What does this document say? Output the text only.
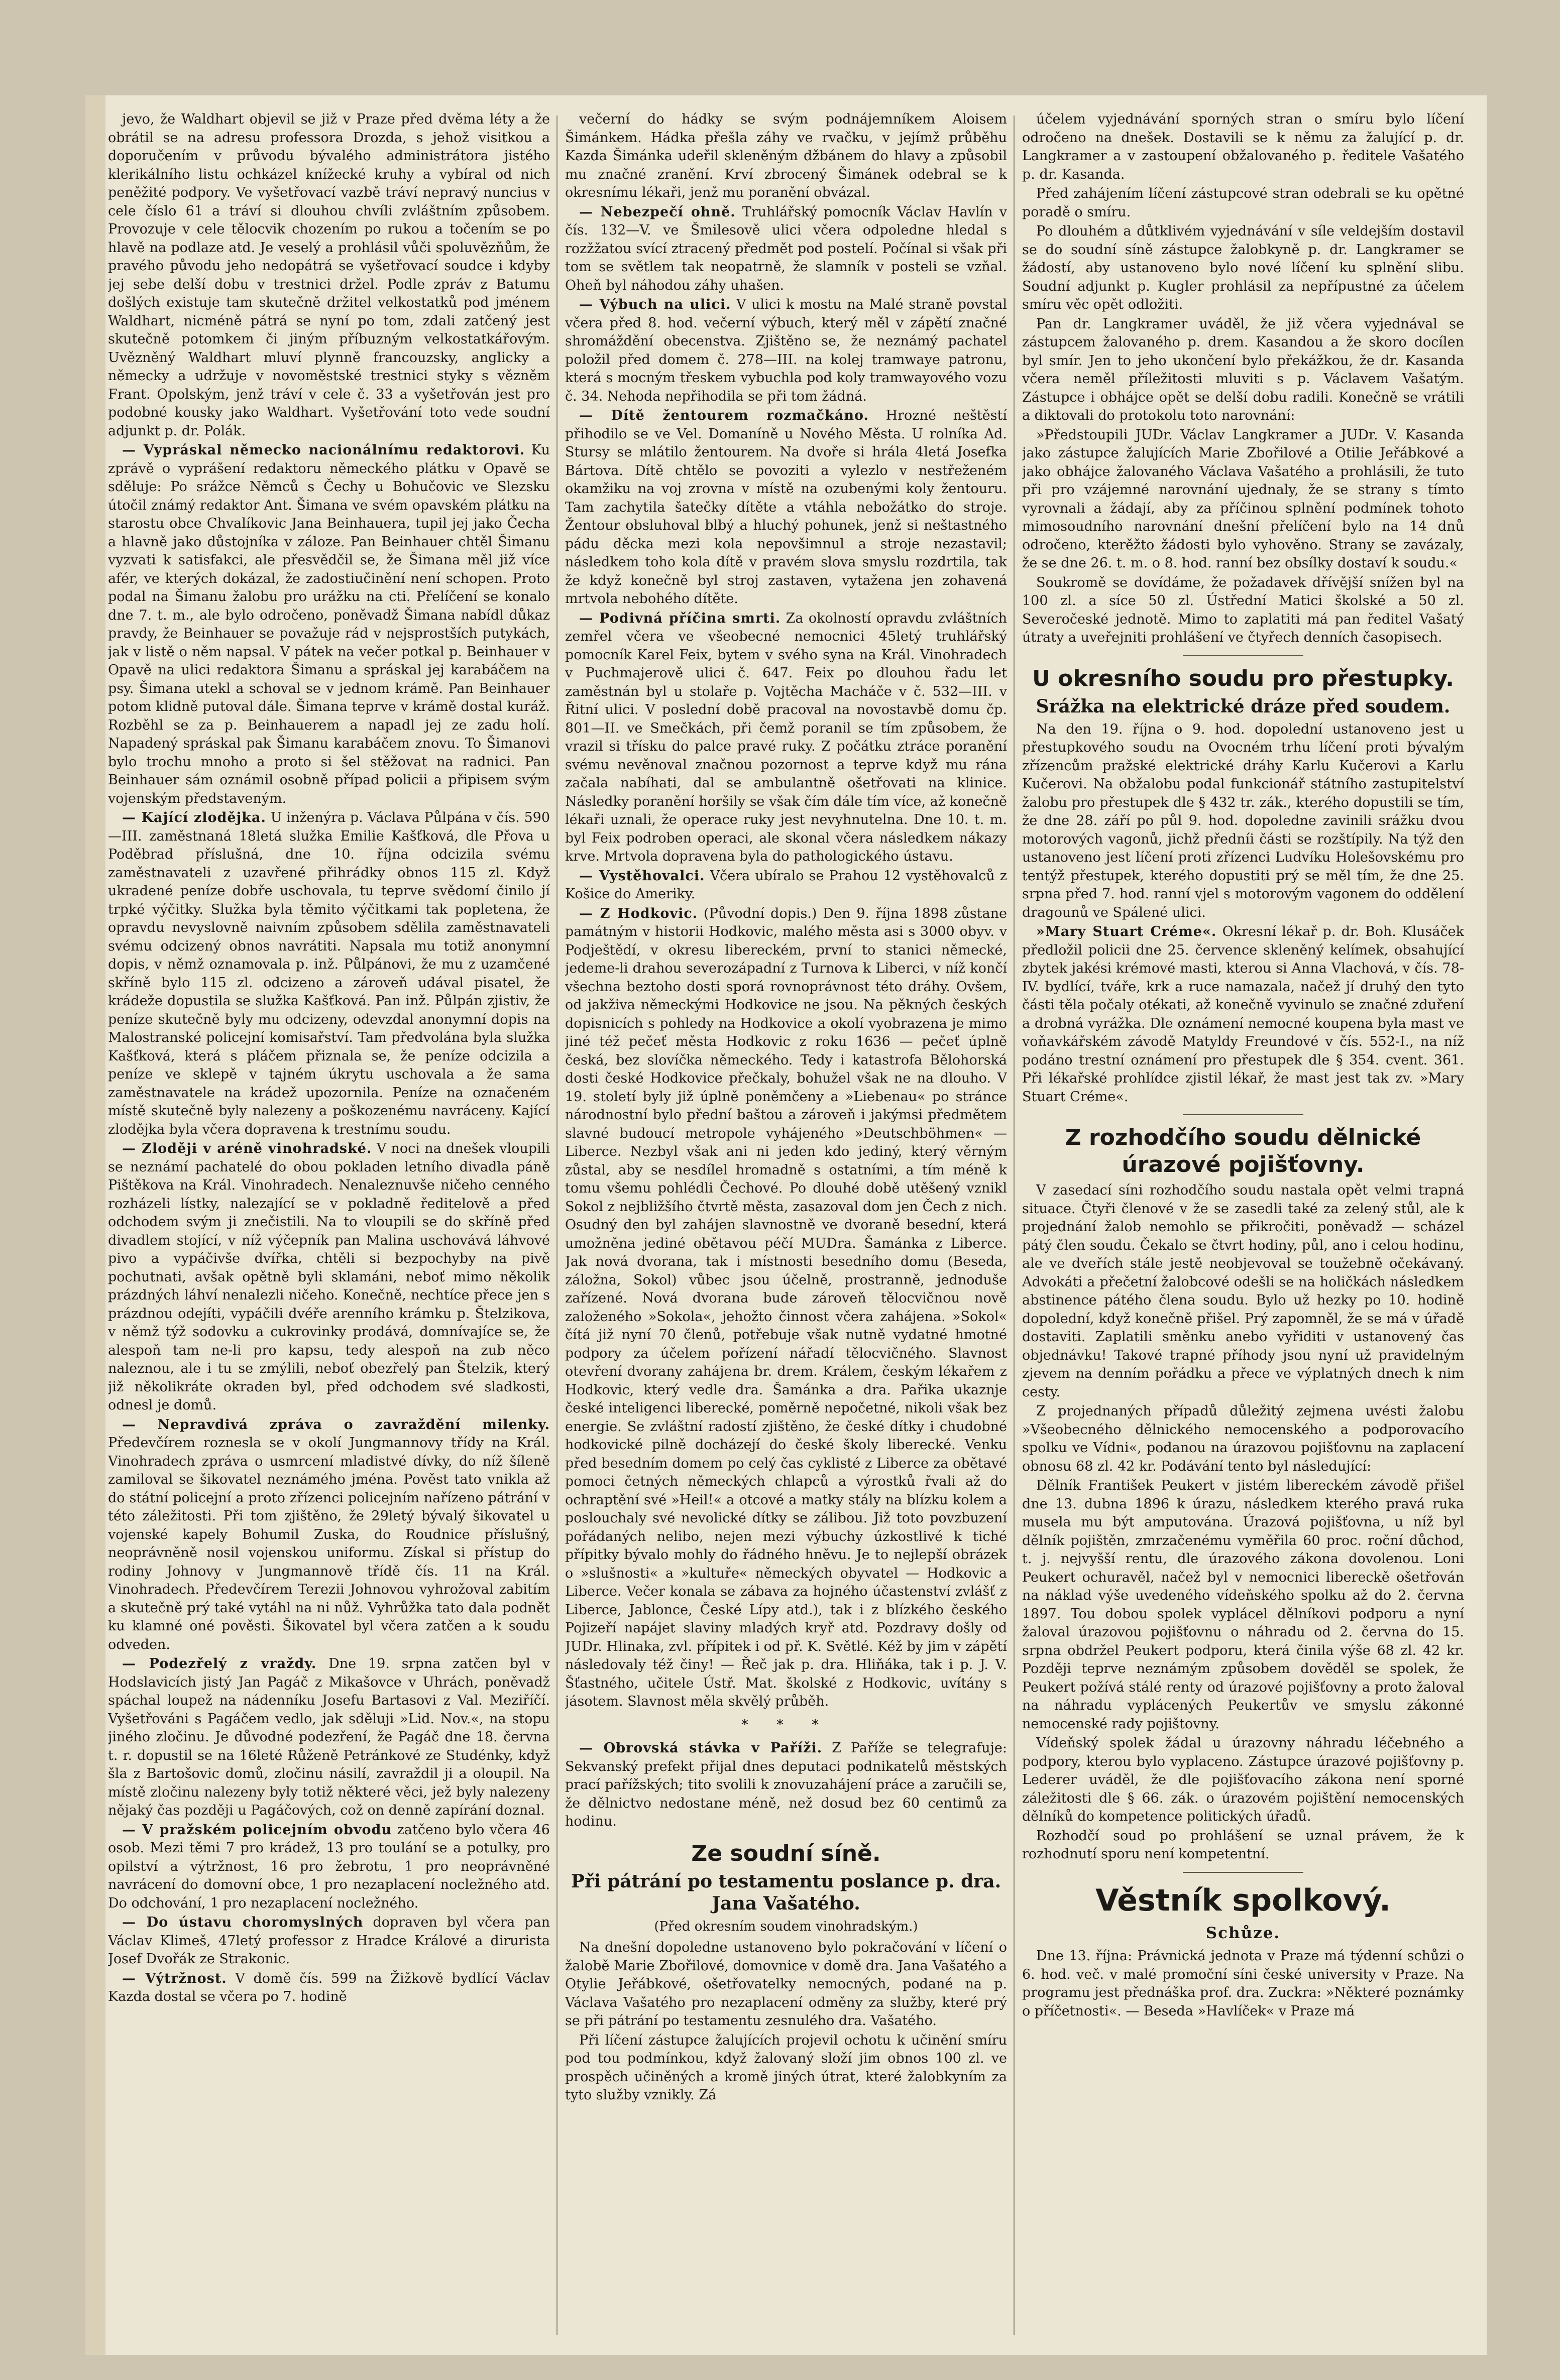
jevo, že Waldhart objevil se již v Praze před dvěma léty a že obrátil se na adresu professora Drozda, s jehož visitkou a doporučením v průvodu bývalého administrátora jistého klerikálního listu ochkázel knížecké kruhy a vybíral od nich peněžité podpory. Ve vyšetřovací vazbě tráví nepravý nuncius v cele číslo 61 a tráví si dlouhou chvíli zvláštním způsobem. Provozuje v cele tělocvik chozením po rukou a točením se po hlavě na podlaze atd. Je veselý a prohlásil vůči spoluvězňům, že pravého původu jeho nedopátrá se vyšetřovací soudce i kdyby jej sebe delší dobu v trestnici držel. Podle zpráv z Batumu došlých existuje tam skutečně držitel velkostatků pod jménem Waldhart, nicméně pátrá se nyní po tom, zdali zatčený jest skutečně potomkem či jiným příbuzným velkostatkářovým. Uvězněný Waldhart mluví plynně francouzsky, anglicky a německy a udržuje v novoměstské trestnici styky s vězněm Frant. Opolským, jenž tráví v cele č. 33 a vyšetřován jest pro podobné kousky jako Waldhart. Vyšetřování toto vede soudní adjunkt p. dr. Polák.

— Vypráskal německo nacionálnímu redaktorovi. Ku zprávě o vyprášení redaktoru německého plátku v Opavě se sděluje: Po srážce Němců s Čechy u Bohučovic ve Slezsku útočil známý redaktor Ant. Šimana ve svém opavském plátku na starostu obce Chvalíkovic Jana Beinhauera, tupil jej jako Čecha a hlavně jako důstojníka v záloze. Pan Beinhauer chtěl Šimanu vyzvati k satisfakci, ale přesvědčil se, že Šimana měl již více afér, ve kterých dokázal, že zadostiučinění není schopen. Proto podal na Šimanu žalobu pro urážku na cti. Přelíčení se konalo dne 7. t. m., ale bylo odročeno, poněvadž Šimana nabídl důkaz pravdy, že Beinhauer se považuje rád v nejsprostších putykách, jak v listě o něm napsal. V pátek na večer potkal p. Beinhauer v Opavě na ulici redaktora Šimanu a spráskal jej karabáčem na psy. Šimana utekl a schoval se v jednom krámě. Pan Beinhauer potom klidně putoval dále. Šimana teprve v krámě dostal kuráž. Rozběhl se za p. Beinhauerem a napadl jej ze zadu holí. Napadený spráskal pak Šimanu karabáčem znovu. To Šimanovi bylo trochu mnoho a proto si šel stěžovat na radnici. Pan Beinhauer sám oznámil osobně případ policii a připisem svým vojenským představeným.

— Kající zlodějka. U inženýra p. Václava Půlpána v čís. 590—III. zaměstnaná 18letá služka Emilie Kašťková, dle Přova u Poděbrad příslušná, dne 10. října odcizila svému zaměstnavateli z uzavřené přihrádky obnos 115 zl. Když ukradené peníze dobře uschovala, tu teprve svědomí činilo jí trpké výčitky. Služka byla těmito výčitkami tak popletena, že opravdu nevyslovně naivním způsobem sdělila zaměstnavateli svému odcizený obnos navrátiti. Napsala mu totiž anonymní dopis, v němž oznamovala p. inž. Půlpánovi, že mu z uzamčené skříně bylo 115 zl. odcizeno a zároveň udával pisatel, že krádeže dopustila se služka Kašťková. Pan inž. Půlpán zjistiv, že peníze skutečně byly mu odcizeny, odevzdal anonymní dopis na Malostranské policejní komisařství. Tam předvolána byla služka Kašťková, která s pláčem přiznala se, že peníze odcizila a peníze ve sklepě v tajném úkrytu uschovala a že sama zaměstnavatele na krádež upozornila. Peníze na označeném místě skutečně byly nalezeny a poškozenému navráceny. Kající zlodějka byla včera dopravena k trestnímu soudu.

— Zloději v aréně vinohradské. V noci na dnešek vloupili se neznámí pachatelé do obou pokladen letního divadla páně Pištěkova na Král. Vinohradech. Nenaleznuvše ničeho cenného rozházeli lístky, nalezající se v pokladně ředitelově a před odchodem svým ji znečistili. Na to vloupili se do skříně před divadlem stojící, v níž výčepník pan Malina uschovává láhvové pivo a vypáčivše dvířka, chtěli si bezpochyby na pivě pochutnati, avšak opětně byli sklamáni, neboť mimo několik prázdných láhví nenalezli ničeho. Konečně, nechtíce přece jen s prázdnou odejíti, vypáčili dvéře arenního krámku p. Štelzikova, v němž týž sodovku a cukrovinky prodává, domnívajíce se, že alespoň tam ne-li pro kapsu, tedy alespoň na zub něco naleznou, ale i tu se zmýlili, neboť obezřelý pan Štelzik, který již několikráte okraden byl, před odchodem své sladkosti, odnesl je domů.

— Nepravdivá zpráva o zavraždění milenky. Předevčírem roznesla se v okolí Jungmannovy třídy na Král. Vinohradech zpráva o usmrcení mladistvé dívky, do níž šíleně zamiloval se šikovatel neznámého jména. Pověst tato vnikla až do státní policejní a proto zřízenci policejním nařízeno pátrání v této záležitosti. Při tom zjištěno, že 29letý bývalý šikovatel u vojenské kapely Bohumil Zuska, do Roudnice příslušný, neoprávněně nosil vojenskou uniformu. Získal si přístup do rodiny Johnovy v Jungmannově třídě čís. 11 na Král. Vinohradech. Předevčírem Terezii Johnovou vyhrožoval zabitím a skutečně prý také vytáhl na ni nůž. Vyhrůžka tato dala podnět ku klamné oné pověsti. Šikovatel byl včera zatčen a k soudu odveden.

— Podezřelý z vraždy. Dne 19. srpna zatčen byl v Hodslavicích jistý Jan Pagáč z Mikašovce v Uhrách, poněvadž spáchal loupež na nádenníku Josefu Bartasovi z Val. Meziříčí. Vyšetřováni s Pagáčem vedlo, jak sděluji »Lid. Nov.«, na stopu jiného zločinu. Je důvodné podezření, že Pagáč dne 18. června t. r. dopustil se na 16leté Růženě Petránkové ze Studénky, když šla z Bartošovic domů, zločinu násilí, zavraždil ji a oloupil. Na místě zločinu nalezeny byly totiž některé věci, jež byly nalezeny nějaký čas později u Pagáčových, což on denně zapírání doznal.

— V pražském policejním obvodu zatčeno bylo včera 46 osob. Mezi těmi 7 pro krádež, 13 pro toulání se a potulky, pro opilství a výtržnost, 16 pro žebrotu, 1 pro neoprávněné navrácení do domovní obce, 1 pro nezaplacení nocležného atd. Do odchování, 1 pro nezaplacení nocležného.

— Do ústavu choromyslných dopraven byl včera pan Václav Klimeš, 47letý professor z Hradce Králové a dirurista Josef Dvořák ze Strakonic.

— Výtržnost. V domě čís. 599 na Žižkově bydlící Václav Kazda dostal se včera po 7. hodině

večerní do hádky se svým podnájemníkem Aloisem Šimánkem. Hádka přešla záhy ve rvačku, v jejímž průběhu Kazda Šimánka udeřil skleněným džbánem do hlavy a způsobil mu značné zranění. Krví zbrocený Šimánek odebral se k okresnímu lékaři, jenž mu poranění obvázal.

— Nebezpečí ohně. Truhlářský pomocník Václav Havlín v čís. 132—V. ve Šmilesově ulici včera odpoledne hledal s rozžžatou svící ztracený předmět pod postelí. Počínal si však při tom se světlem tak neopatrně, že slamník v posteli se vzňal. Oheň byl náhodou záhy uhašen.

— Výbuch na ulici. V ulici k mostu na Malé straně povstal včera před 8. hod. večerní výbuch, který měl v zápětí značné shromáždění obecenstva. Zjištěno se, že neznámý pachatel položil před domem č. 278—III. na kolej tramwaye patronu, která s mocným třeskem vybuchla pod koly tramwayového vozu č. 34. Nehoda nepřihodila se při tom žádná.

— Dítě žentourem rozmačkáno. Hrozné neštěstí přihodilo se ve Vel. Domaníně u Nového Města. U rolníka Ad. Stursy se mlátilo žentourem. Na dvoře si hrála 4letá Josefka Bártova. Dítě chtělo se povoziti a vylezlo v nestřeženém okamžiku na voj zrovna v místě na ozubenými koly žentouru. Tam zachytila šatečky dítěte a vtáhla nebožátko do stroje. Žentour obsluhoval blbý a hluchý pohunek, jenž si neštastného pádu děcka mezi kola nepovšimnul a stroje nezastavil; následkem toho kola dítě v pravém slova smyslu rozdrtila, tak že když konečně byl stroj zastaven, vytažena jen zohavená mrtvola nebohého dítěte.

— Podivná příčina smrti. Za okolností opravdu zvláštních zemřel včera ve všeobecné nemocnici 45letý truhlářský pomocník Karel Feix, bytem v svého syna na Král. Vinohradech v Puchmajerově ulici č. 647. Feix po dlouhou řadu let zaměstnán byl u stolaře p. Vojtěcha Macháče v č. 532—III. v Řitní ulici. V poslední době pracoval na novostavbě domu čp. 801—II. ve Smečkách, při čemž poranil se tím způsobem, že vrazil si třísku do palce pravé ruky. Z počátku ztráce poranění svému nevěnoval značnou pozornost a teprve když mu rána začala nabíhati, dal se ambulantně ošetřovati na klinice. Následky poranění horšily se však čím dále tím více, až konečně lékaři uznali, že operace ruky jest nevyhnutelna. Dne 10. t. m. byl Feix podroben operaci, ale skonal včera následkem nákazy krve. Mrtvola dopravena byla do pathologického ústavu.

— Vystěhovalci. Včera ubíralo se Prahou 12 vystěhovalců z Košice do Ameriky.

— Z Hodkovic. (Původní dopis.) Den 9. října 1898 zůstane památným v historii Hodkovic, malého města asi s 3000 obyv. v Podještědí, v okresu libereckém, první to stanici německé, jedeme-li drahou severozápadní z Turnova k Liberci, v níž končí všechna beztoho dosti sporá rovnoprávnost této dráhy. Ovšem, od jakživa německými Hodkovice ne jsou. Na pěkných českých dopisnicích s pohledy na Hodkovice a okolí vyobrazena je mimo jiné též pečeť města Hodkovic z roku 1636 — pečeť úplně česká, bez slovíčka německého. Tedy i katastrofa Bělohorská dosti české Hodkovice přečkaly, bohužel však ne na dlouho. V 19. století byly již úplně poněmčeny a »Liebenau« po stránce národnostní bylo přední baštou a zároveň i jakýmsi předmětem slavné budoucí metropole vyhájeného »Deutschböhmen« — Liberce. Nezbyl však ani ni jeden kdo jediný, který věrným zůstal, aby se nesdílel hromadně s ostatními, a tím méně k tomu všemu pohlédli Čechové. Po dlouhé době utěšený vznikl Sokol z nejbližšího čtvrtě města, zasazoval dom jen Čech z nich. Osudný den byl zahájen slavnostně ve dvoraně besední, která umožněna jediné obětavou péčí MUDra. Šamánka z Liberce. Jak nová dvorana, tak i místnosti besedního domu (Beseda, záložna, Sokol) vůbec jsou účelně, prostranně, jednoduše zařízené. Nová dvorana bude zároveň tělocvičnou nově založeného »Sokola«, jehožto činnost včera zahájena. »Sokol« čítá již nyní 70 členů, potřebuje však nutně vydatné hmotné podpory za účelem pořízení nářadí tělocvičného. Slavnost otevření dvorany zahájena br. drem. Králem, českým lékařem z Hodkovic, který vedle dra. Šamánka a dra. Pařika ukaznje české inteligenci liberecké, poměrně nepočetné, nikoli však bez energie. Se zvláštní radostí zjištěno, že české dítky i chudobné hodkovické pilně docházejí do české školy liberecké. Venku před besedním domem po celý čas cyklisté z Liberce za obětavé pomoci četných německých chlapců a výrostků řvali až do ochraptění své »Heil!« a otcové a matky stály na blízku kolem a poslouchaly své nevolické dítky se zálibou. Již toto povzbuzení pořádaných nelibo, nejen mezi výbuchy úzkostlivé k tiché přípitky bývalo mohly do řádného hněvu. Je to nejlepší obrázek o »slušnosti« a »kultuře« německých obyvatel — Hodkovic a Liberce. Večer konala se zábava za hojného účastenství zvlášť z Liberce, Jablonce, České Lípy atd.), tak i z blízkého českého Pojizeří napájet slaviny mladých kryř atd. Pozdravy došly od JUDr. Hlinaka, zvl. přípitek i od př. K. Světlé. Kéž by jim v zápětí následovaly též činy! — Řeč jak p. dra. Hliňáka, tak i p. J. V. Šťastného, učitele Ústř. Mat. školské z Hodkovic, uvítány s jásotem. Slavnost měla skvělý průběh.

* * *

— Obrovská stávka v Paříži. Z Paříže se telegrafuje: Sekvanský prefekt přijal dnes deputaci podnikatelů městských prací pařížských; tito svolili k znovuzahájení práce a zaručili se, že dělnictvo nedostane méně, než dosud bez 60 centimů za hodinu.

Ze soudní síně.
Při pátrání po testamentu poslance p. dra. Jana Vašatého.
(Před okresním soudem vinohradským.)

Na dnešní dopoledne ustanoveno bylo pokračování v líčení o žalobě Marie Zbořilové, domovnice v domě dra. Jana Vašatého a Otylie Jeřábkové, ošetřovatelky nemocných, podané na p. Václava Vašatého pro nezaplacení odměny za služby, které prý se při pátrání po testamentu zesnulého dra. Vašatého.

Při líčení zástupce žalujících projevil ochotu k učinění smíru pod tou podmínkou, když žalovaný složí jim obnos 100 zl. ve prospěch učiněných a kromě jiných útrat, které žalobkyním za tyto služby vznikly. Zá

účelem vyjednávání sporných stran o smíru bylo líčení odročeno na dnešek. Dostavili se k němu za žalující p. dr. Langkramer a v zastoupení obžalovaného p. ředitele Vašatého p. dr. Kasanda.

Před zahájením líčení zástupcové stran odebrali se ku opětné poradě o smíru.

Po dlouhém a důtklivém vyjednávání v síle veldejším dostavil se do soudní síně zástupce žalobkyně p. dr. Langkramer se žádostí, aby ustanoveno bylo nové líčení ku splnění slibu. Soudní adjunkt p. Kugler prohlásil za nepřípustné za účelem smíru věc opět odložiti.

Pan dr. Langkramer uváděl, že již včera vyjednával se zástupcem žalovaného p. drem. Kasandou a že skoro docílen byl smír. Jen to jeho ukončení bylo překážkou, že dr. Kasanda včera neměl příležitosti mluviti s p. Václavem Vašatým. Zástupce i obhájce opět se delší dobu radili. Konečně se vrátili a diktovali do protokolu toto narovnání:

»Předstoupili JUDr. Václav Langkramer a JUDr. V. Kasanda jako zástupce žalujících Marie Zbořilové a Otilie Jeřábkové a jako obhájce žalovaného Václava Vašatého a prohlásili, že tuto při pro vzájemné narovnání ujednaly, že se strany s tímto vyrovnali a žádají, aby za příčinou splnění podmínek tohoto mimosoudního narovnání dnešní přelíčení bylo na 14 dnů odročeno, kterěžto žádosti bylo vyhověno. Strany se zavázaly, že se dne 26. t. m. o 8. hod. ranní bez obsílky dostaví k soudu.«

Soukromě se dovídáme, že požadavek dřívější snížen byl na 100 zl. a síce 50 zl. Ústřední Matici školské a 50 zl. Severočeské jednotě. Mimo to zaplatiti má pan ředitel Vašatý útraty a uveřejniti prohlášení ve čtyřech denních časopisech.

U okresního soudu pro přestupky.
Srážka na elektrické dráze před soudem.

Na den 19. října o 9. hod. dopolední ustanoveno jest u přestupkového soudu na Ovocném trhu líčení proti bývalým zřízencům pražské elektrické dráhy Karlu Kučerovi a Karlu Kučerovi. Na obžalobu podal funkcionář státního zastupitelství žalobu pro přestupek dle § 432 tr. zák., kterého dopustili se tím, že dne 28. září po půl 9. hod. dopoledne zavinili srážku dvou motorových vagonů, jichž předníi části se rozštípily. Na týž den ustanoveno jest líčení proti zřízenci Ludvíku Holešovskému pro tentýž přestupek, kterého dopustiti prý se měl tím, že dne 25. srpna před 7. hod. ranní vjel s motorovým vagonem do oddělení dragounů ve Spálené ulici.

»Mary Stuart Créme«. Okresní lékař p. dr. Boh. Klusáček předložil policii dne 25. července skleněný kelímek, obsahující zbytek jakési krémové masti, kterou si Anna Vlachová, v čís. 78-IV. bydlící, tváře, krk a ruce namazala, načež jí druhý den tyto části těla počaly otékati, až konečně vyvinulo se značné zduření a drobná vyrážka. Dle oznámení nemocné koupena byla mast ve voňavkářském závodě Matyldy Freundové v čís. 552-I., na níž podáno trestní oznámení pro přestupek dle § 354. cvent. 361. Při lékařské prohlídce zjistil lékař, že mast jest tak zv. »Mary Stuart Créme«.

Z rozhodčího soudu dělnické úrazové pojišťovny.

V zasedací síni rozhodčího soudu nastala opět velmi trapná situace. Čtyři členové v že se zasedli také za zelený stůl, ale k projednání žalob nemohlo se přikročiti, poněvadž — scházel pátý člen soudu. Čekalo se čtvrt hodiny, půl, ano i celou hodinu, ale ve dveřích stále jestě neobjevoval se toužebně očekávaný. Advokáti a přečetní žalobcové odešli se na holičkách následkem abstinence pátého člena soudu. Bylo už hezky po 10. hodině dopolední, když konečně přišel. Prý zapomněl, že se má v úřadě dostaviti. Zaplatili směnku anebo vyřiditi v ustanovený čas objednávku! Takové trapné příhody jsou nyní už pravidelným zjevem na denním pořádku a přece ve výplatných dnech k nim cesty.

Z projednaných případů důležitý zejmena uvésti žalobu »Všeobecného dělnického nemocenského a podporovacího spolku ve Vídni«, podanou na úrazovou pojišťovnu na zaplacení obnosu 68 zl. 42 kr. Podávání tento byl následující:

Dělník František Peukert v jistém libereckém závodě přišel dne 13. dubna 1896 k úrazu, následkem kterého pravá ruka musela mu být amputována. Úrazová pojišťovna, u níž byl dělník pojištěn, zmrzačenému vyměřila 60 proc. roční důchod, t. j. nejvyšší rentu, dle úrazového zákona dovolenou. Loni Peukert ochuravěl, načež byl v nemocnici libereckě ošetřován na náklad výše uvedeného vídeňského spolku až do 2. června 1897. Tou dobou spolek vyplácel dělníkovi podporu a nyní žaloval úrazovou pojišťovnu o náhradu od 2. června do 15. srpna obdržel Peukert podporu, která činila výše 68 zl. 42 kr. Později teprve neznámým způsobem dověděl se spolek, že Peukert požívá stálé renty od úrazové pojišťovny a proto žaloval na náhradu vyplácených Peukertův ve smyslu zákonné nemocenské rady pojištovny.

Vídeňský spolek žádal u úrazovny náhradu léčebného a podpory, kterou bylo vyplaceno. Zástupce úrazové pojišťovny p. Lederer uváděl, že dle pojišťovacího zákona není sporné záležitosti dle § 66. zák. o úrazovém pojištění nemocenských dělníků do kompetence politických úřadů.

Rozhodčí soud po prohlášení se uznal právem, že k rozhodnutí sporu není kompetentní.

Věstník spolkový.
Schůze.

Dne 13. října: Právnická jednota v Praze má týdenní schůzi o 6. hod. več. v malé promoční síni české university v Praze. Na programu jest přednáška prof. dra. Zuckra: »Některé poznámky o příčetnosti«. — Beseda »Havlíček« v Praze má
